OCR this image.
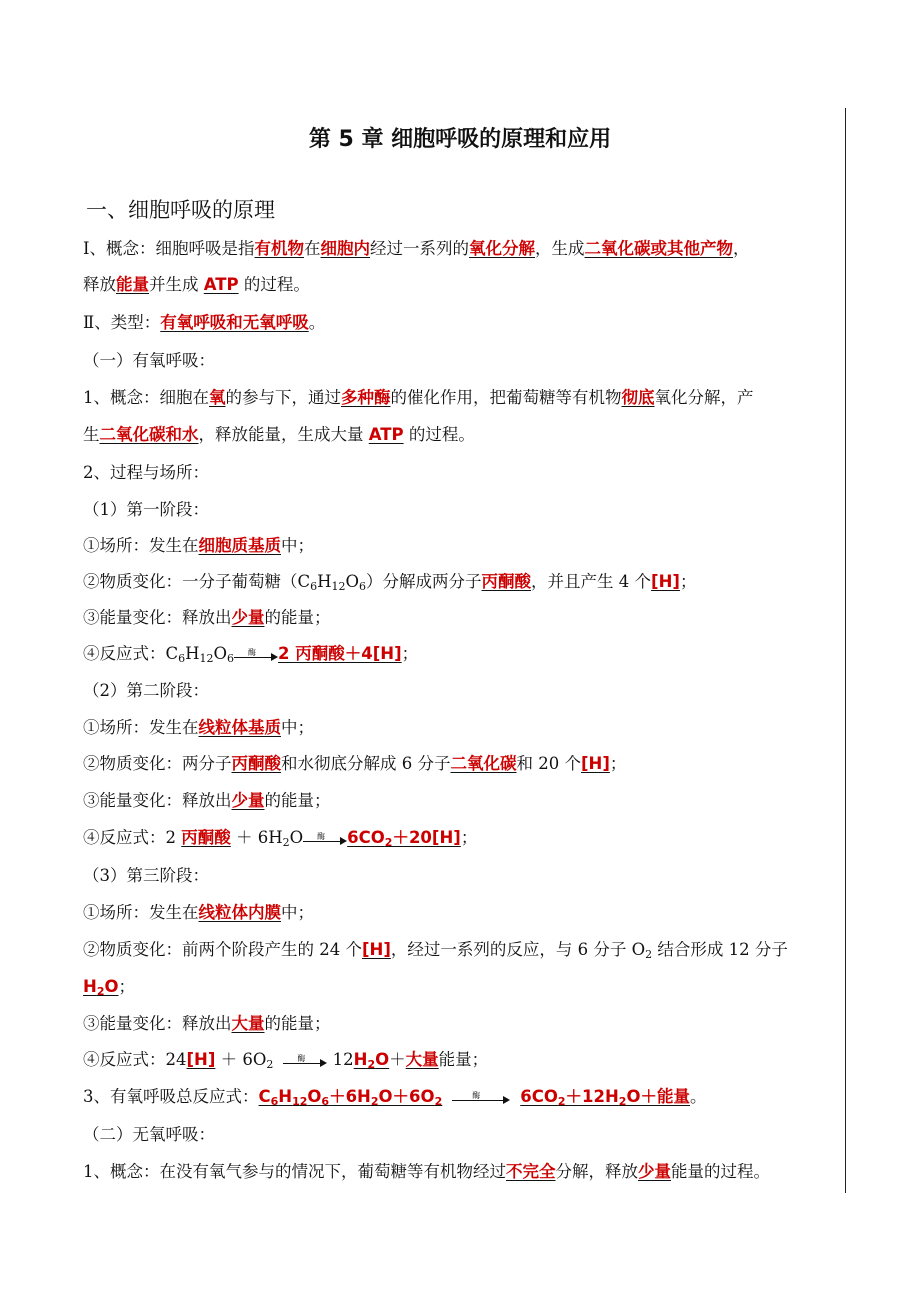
第 5 章 细胞呼吸的原理和应用
一、细胞呼吸的原理
Ⅰ、概念：细胞呼吸是指有机物在细胞内经过一系列的氧化分解，生成二氧化碳或其他产物，
释放能量并生成 ATP 的过程。
Ⅱ、类型：有氧呼吸和无氧呼吸。
（一）有氧呼吸：
1、概念：细胞在氧的参与下，通过多种酶的催化作用，把葡萄糖等有机物彻底氧化分解，产
生二氧化碳和水，释放能量，生成大量 ATP 的过程。
2、过程与场所：
（1）第一阶段：
①场所：发生在细胞质基质中；
②物质变化：一分子葡萄糖$(C_6H_{12}O_6)$分解成两分子丙酮酸，并且产生 4 个[H]；
③能量变化：释放出少量的能量；
④反应式：$C_6H_{12}O_6$ 酶 2 丙酮酸＋4[H]；
（2）第二阶段：
①场所：发生在线粒体基质中；
②物质变化：两分子丙酮酸和水彻底分解成 6 分子二氧化碳和 20 个[H]；
③能量变化：释放出少量的能量；
④反应式：2 丙酮酸 ＋ $6H_2O$ 酶 $6CO_2+20[H]$；
（3）第三阶段：
①场所：发生在线粒体内膜中；
②物质变化：前两个阶段产生的 24 个[H]，经过一系列的反应，与 6 分子 $O_2$ 结合形成 12 分子
$H_2O$；
③能量变化：释放出大量的能量；
④反应式：$24[H] + 6O_2$	酶 $12H_2O+$大量能量；
3、有氧呼吸总反应式：$C_6H_{12}O_6+6H_2O+6O_2$	酶 $6CO_2+12H_2O+$能量。
（二）无氧呼吸：
1、概念：在没有氧气参与的情况下，葡萄糖等有机物经过不完全分解，释放少量能量的过程。
